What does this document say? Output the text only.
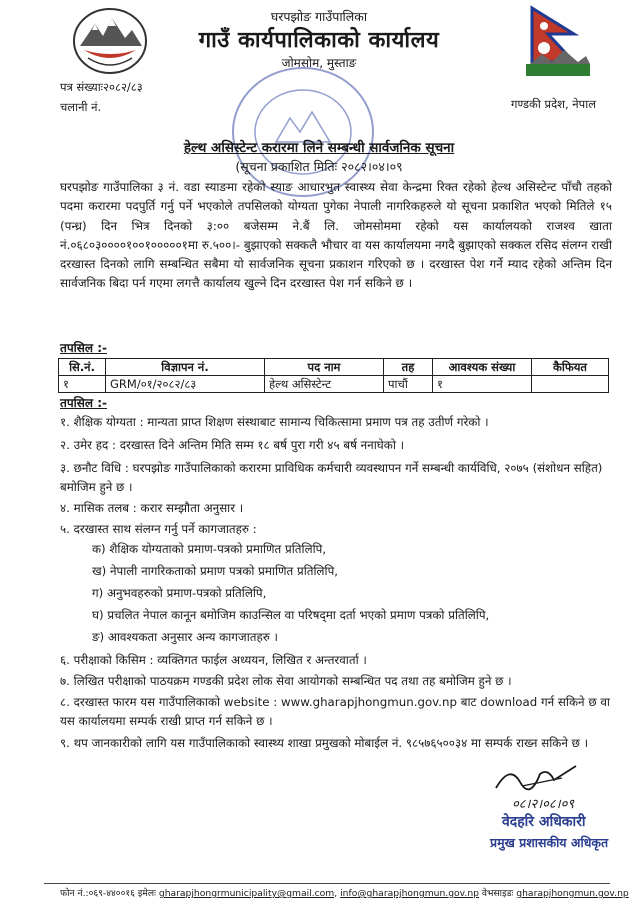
घरपझोङ गाउँपालिका
गाउँ कार्यपालिकाको कार्यालय
जोमसोम, मुस्ताङ
पत्र संख्याः२०८२/८३
चलानी नं.	गण्डकी प्रदेश, नेपाल
हेल्थ असिस्टेन्ट करारमा लिने सम्बन्धी सार्वजनिक सूचना
(सूचना प्रकाशित मितिः २०८२।०४।०९
घरपझोङ गाउँपालिका ३ नं. वडा स्याङमा रहेको स्याङ आधारभुत स्वास्थ्य सेवा केन्द्रमा रिक्त रहेको हेल्थ असिस्टेन्ट पाँचौ तहको पदमा करारमा पदपुर्ति गर्नु पर्ने भएकोले तपसिलको योग्यता पुगेका नेपाली नागरिकहरुले यो सूचना प्रकाशित भएको मितिले १५ (पन्ध्र) दिन भित्र दिनको ३:०० बजेसम्म ने.बैं लि. जोमसोममा रहेको यस कार्यालयको राजश्व खाता नं.०६८०३००००१००१०००००१मा रु.५००।- बुझाएको सक्कलै भौचार वा यस कार्यालयमा नगदै बुझाएको सक्कल रसिद संलग्न राखी दरखास्त दिनको लागि सम्बन्धित सबैमा यो सार्वजनिक सूचना प्रकाशन गरिएको छ । दरखास्त पेश गर्ने म्याद रहेको अन्तिम दिन सार्वजनिक बिदा पर्न गएमा लगत्तै कार्यालय खुल्ने दिन दरखास्त पेश गर्न सकिने छ ।
तपसिल :-
सि.नं.	विज्ञापन नं.	पद नाम	तह	आवश्यक संख्या	कैफियत
१	GRM/०१/२०८२/८३	हेल्थ असिस्टेन्ट	पाचौं	१	
तपसिल :-
१. शैक्षिक योग्यता : मान्यता प्राप्त शिक्षण संस्थाबाट सामान्य चिकित्सामा प्रमाण पत्र तह उतीर्ण गरेको ।
२. उमेर हद : दरखास्त दिने अन्तिम मिति सम्म १८ बर्ष पुरा गरी ४५ बर्ष ननाघेको ।
३. छनौट विधि : घरपझोङ गाउँपालिकाको करारमा प्राविधिक कर्मचारी व्यवस्थापन गर्ने सम्बन्धी कार्यविधि, २०७५ (संशोधन सहित) बमोजिम हुने छ ।
४. मासिक तलब : करार सम्झौता अनुसार ।
५. दरखास्त साथ संलग्न गर्नु पर्ने कागजातहरु :
क) शैक्षिक योग्यताको प्रमाण-पत्रको प्रमाणित प्रतिलिपि,
ख) नेपाली नागरिकताको प्रमाण पत्रको प्रमाणित प्रतिलिपि,
ग) अनुभवहरुको प्रमाण-पत्रको प्रतिलिपि,
घ) प्रचलित नेपाल कानून बमोजिम काउन्सिल वा परिषद्‌मा दर्ता भएको प्रमाण पत्रको प्रतिलिपि,
ङ) आवश्यकता अनुसार अन्य कागजातहरु ।
६. परीक्षाको किसिम : व्यक्तिगत फाईल अध्ययन, लिखित र अन्तरवार्ता ।
७. लिखित परीक्षाको पाठयक्रम गण्डकी प्रदेश लोक सेवा आयोगको सम्बन्धित पद तथा तह बमोजिम हुने छ ।
८. दरखास्त फारम यस गाउँपालिकाको website : www.gharapjhongmun.gov.np बाट download गर्न सकिने छ वा यस कार्यालयमा सम्पर्क राखी प्राप्त गर्न सकिने छ ।
९. थप जानकारीको लागि यस गाउँपालिकाको स्वास्थ्य शाखा प्रमुखको मोबाईल नं. ९८५७६५००३४ मा सम्पर्क राख्न सकिने छ ।
०८।२।०८।०९
वेदहरि अधिकारी
प्रमुख प्रशासकीय अधिकृत
फोन नं.:०६९-४४००१६ इमेलः gharapjhongrmunicipality@gmail.com, info@gharapjhongmun.gov.np वेभसाइडः gharapjhongmun.gov.np
